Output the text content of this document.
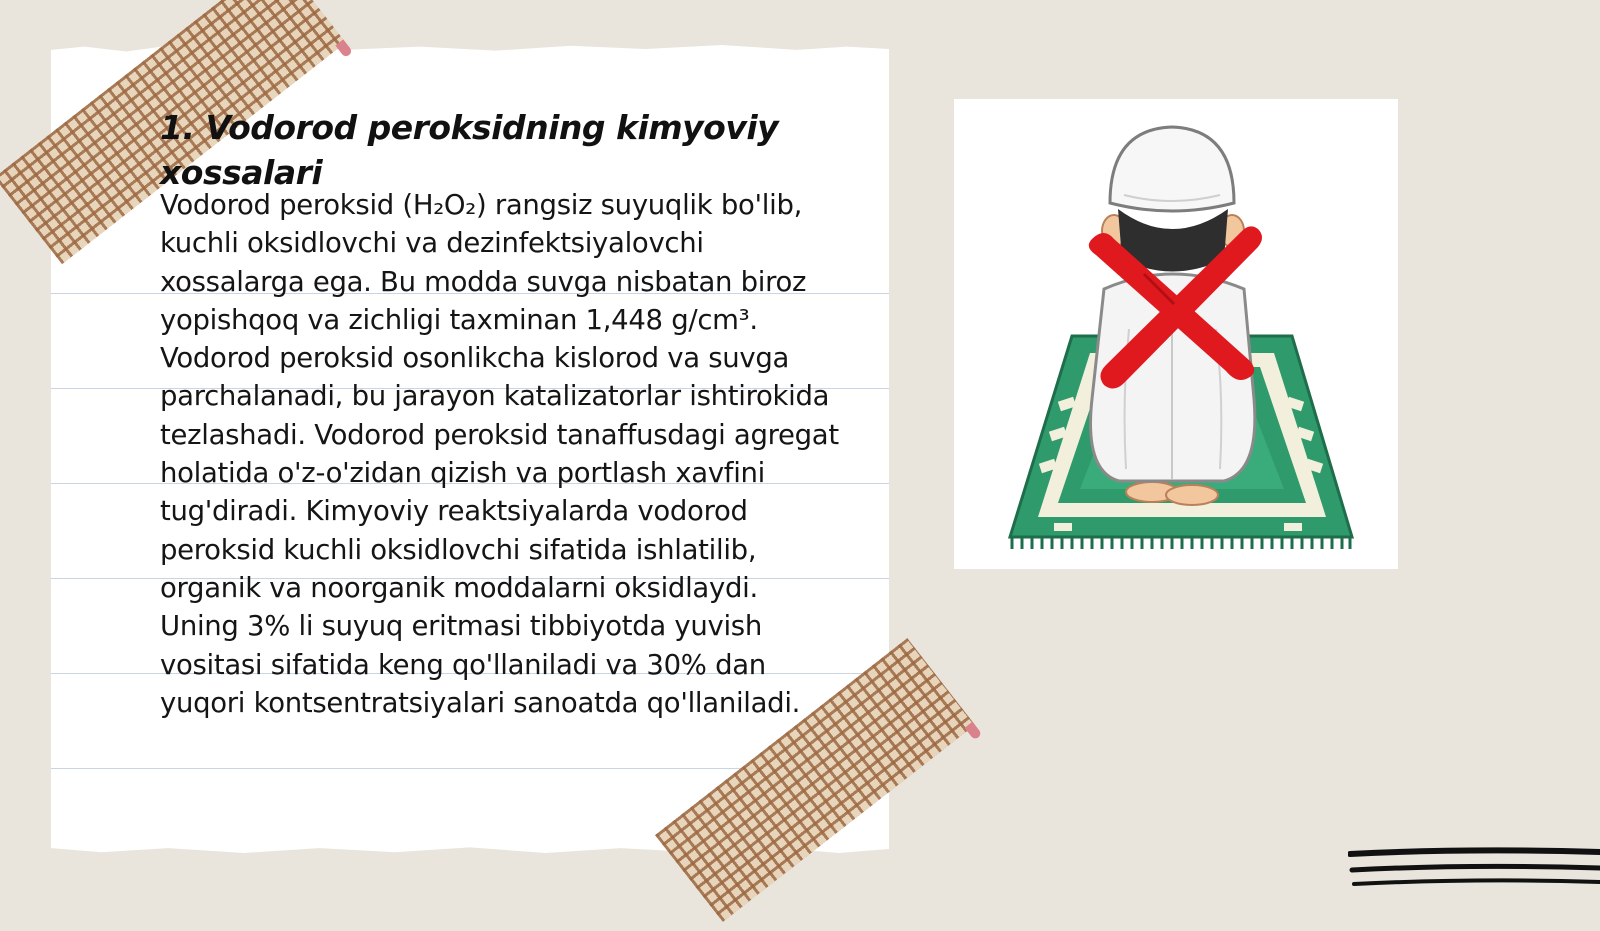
1. Vodorod peroksidning kimyoviy xossalari

Vodorod peroksid (H₂O₂) rangsiz suyuqlik bo'lib, kuchli oksidlovchi va dezinfektsiyalovchi xossalarga ega. Bu modda suvga nisbatan biroz yopishqoq va zichligi taxminan 1,448 g/cm³. Vodorod peroksid osonlikcha kislorod va suvga parchalanadi, bu jarayon katalizatorlar ishtirokida tezlashadi. Vodorod peroksid tanaffusdagi agregat holatida o'z-o'zidan qizish va portlash xavfini tug'diradi. Kimyoviy reaktsiyalarda vodorod peroksid kuchli oksidlovchi sifatida ishlatilib, organik va noorganik moddalarni oksidlaydi. Uning 3% li suyuq eritmasi tibbiyotda yuvish vositasi sifatida keng qo'llaniladi va 30% dan yuqori kontsentratsiyalari sanoatda qo'llaniladi.
